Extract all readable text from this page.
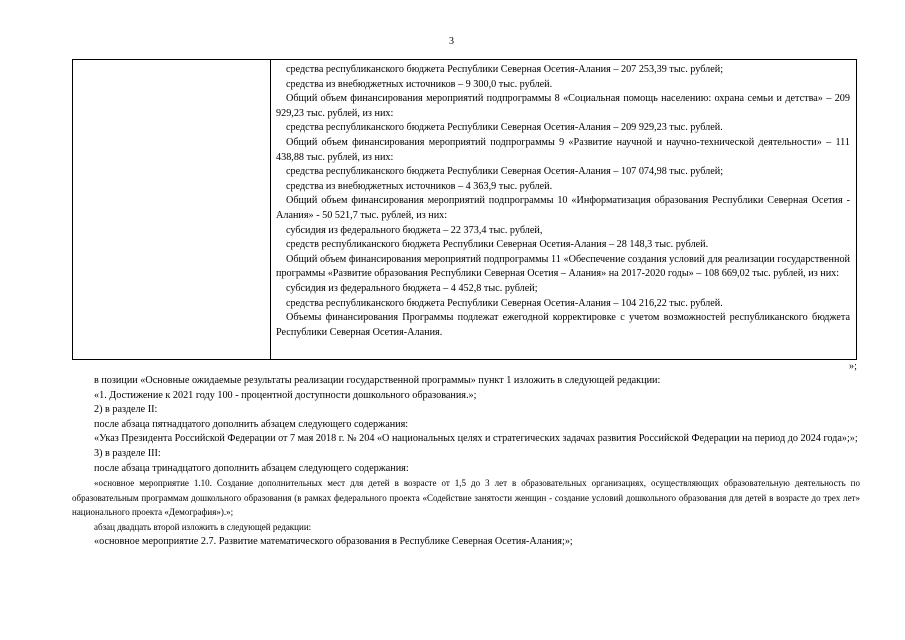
3

средства республиканского бюджета Республики Северная Осетия-Алания – 207 253,39 тыс. рублей;

средства из внебюджетных источников – 9 300,0 тыс. рублей.

Общий объем финансирования мероприятий подпрограммы 8 «Социальная помощь населению: охрана семьи и детства» – 209 929,23 тыс. рублей, из них:

средства республиканского бюджета Республики Северная Осетия-Алания – 209 929,23 тыс. рублей.

Общий объем финансирования мероприятий подпрограммы 9 «Развитие научной и научно-технической деятельности» – 111 438,88 тыс. рублей, из них:

средства республиканского бюджета Республики Северная Осетия-Алания – 107 074,98 тыс. рублей;

средства из внебюджетных источников – 4 363,9 тыс. рублей.

Общий объем финансирования мероприятий подпрограммы 10 «Информатизация образования Республики Северная Осетия - Алания» - 50 521,7 тыс. рублей, из них:

субсидия из федерального бюджета – 22 373,4 тыс. рублей,

средств республиканского бюджета Республики Северная Осетия-Алания – 28 148,3 тыс. рублей.

Общий объем финансирования мероприятий подпрограммы 11 «Обеспечение создания условий для реализации государственной программы «Развитие образования Республики Северная Осетия – Алания» на 2017-2020 годы» – 108 669,02 тыс. рублей, из них:

субсидия из федерального бюджета – 4 452,8 тыс. рублей;

средства республиканского бюджета Республики Северная Осетия-Алания – 104 216,22 тыс. рублей.

Объемы финансирования Программы подлежат ежегодной корректировке с учетом возможностей республиканского бюджета Республики Северная Осетия-Алания.

»;

в позиции «Основные ожидаемые результаты реализации государственной программы» пункт 1 изложить в следующей редакции:

«1. Достижение к 2021 году 100 - процентной доступности дошкольного образования.»;

2) в разделе II:

после абзаца пятнадцатого дополнить абзацем следующего содержания:

«Указ Президента Российской Федерации от 7 мая 2018 г. № 204 «О национальных целях и стратегических задачах развития Российской Федерации на период до 2024 года»;»;

3) в разделе III:

после абзаца тринадцатого дополнить абзацем следующего содержания:

«основное мероприятие 1.10. Создание дополнительных мест для детей в возрасте от 1,5 до 3 лет в образовательных организациях, осуществляющих образовательную деятельность по образовательным программам дошкольного образования (в рамках федерального проекта «Содействие занятости женщин - создание условий дошкольного образования для детей в возрасте до трех лет» национального проекта «Демография»).»;

абзац двадцать второй изложить в следующей редакции:

«основное мероприятие 2.7. Развитие математического образования в Республике Северная Осетия-Алания;»;
